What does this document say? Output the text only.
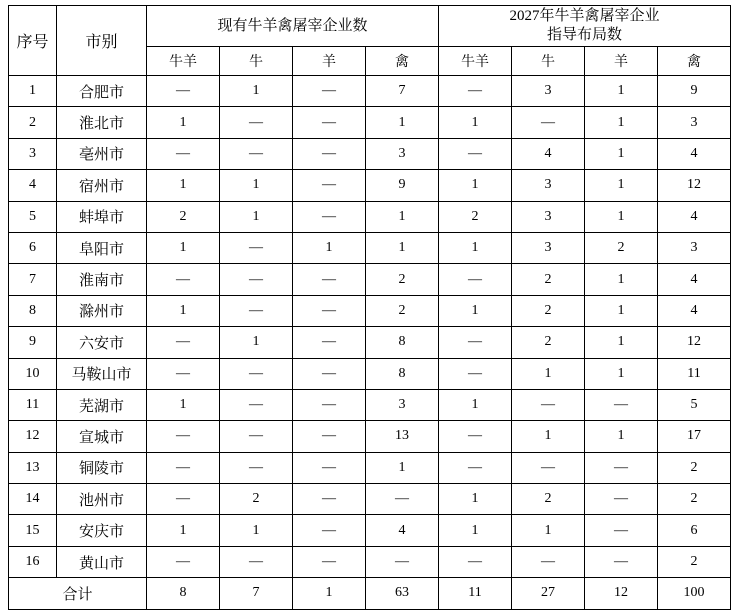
序号	市别	现有牛羊禽屠宰企业数				2027年牛羊禽屠宰企业
指导布局数			

		牛羊	牛	羊	禽	牛羊	牛	羊	禽
1	合肥市	—	1	—	7	—	3	1	9
2	淮北市	1	—	—	1	1	—	1	3
3	亳州市	—	—	—	3	—	4	1	4
4	宿州市	1	1	—	9	1	3	1	12
5	蚌埠市	2	1	—	1	2	3	1	4
6	阜阳市	1	—	1	1	1	3	2	3
7	淮南市	—	—	—	2	—	2	1	4
8	滁州市	1	—	—	2	1	2	1	4
9	六安市	—	1	—	8	—	2	1	12
10	马鞍山市	—	—	—	8	—	1	1	11
11	芜湖市	1	—	—	3	1	—	—	5
12	宣城市	—	—	—	13	—	1	1	17
13	铜陵市	—	—	—	1	—	—	—	2
14	池州市	—	2	—	—	1	2	—	2
15	安庆市	1	1	—	4	1	1	—	6
16	黄山市	—	—	—	—	—	—	—	2
合计		8	7	1	63	11	27	12	100
